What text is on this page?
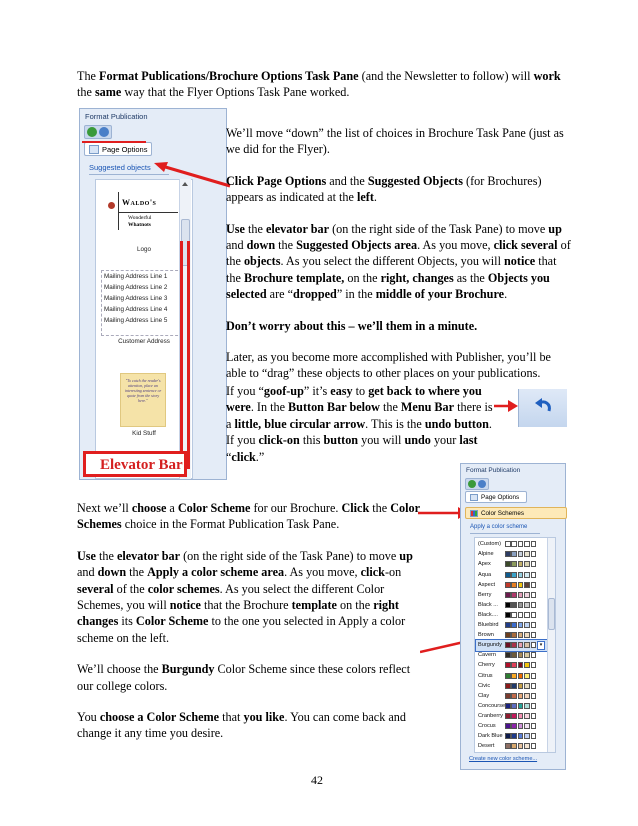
The Format Publications/Brochure Options Task Pane (and the Newsletter to follow) will work the same way that the Flyer Options Task Pane worked.
Format Publication
Page Options
Suggested objects
Waldo's
Wonderful
Whatnots
Logo
Mailing Address Line 1
Mailing Address Line 2
Mailing Address Line 3
Mailing Address Line 4
Mailing Address Line 5
Customer Address
"To catch the reader's attention, place an interesting sentence or quote from the story here."
Kid Stuff
Elevator Bar

We’ll move “down” the list of choices in Brochure Task Pane (just as we did for the Flyer).

Click Page Options and the Suggested Objects (for Brochures) appears as indicated at the left.

Use the elevator bar (on the right side of the Task Pane) to move up and down the Suggested Objects area. As you move, click several of the objects. As you select the different Objects, you will notice that the Brochure template, on the right, changes as the Objects you selected are “dropped” in the middle of your Brochure.

Don’t worry about this – we’ll them in a minute.

Later, as you become more accomplished with Publisher, you’ll be able to “drag” these objects to other places on your publications.

If you “goof-up” it’s easy to get back to where you were. In the Button Bar below the Menu Bar there is a little, blue circular arrow. This is the undo button. If you click-on this button you will undo your last “click.”

Next we’ll choose a Color Scheme for our Brochure. Click the Color Schemes choice in the Format Publication Task Pane.

Use the elevator bar (on the right side of the Task Pane) to move up and down the Apply a color scheme area. As you move, click-on several of the color schemes. As you select the different Color Schemes, you will notice that the Brochure template on the right changes its Color Scheme to the one you selected in Apply a color scheme on the left.

We’ll choose the Burgundy Color Scheme since these colors reflect our college colors.

You choose a Color Scheme that you like. You can come back and change it any time you desire.

Format Publication
Page Options
Color Schemes
Apply a color scheme
(Custom)
Alpine
Apex
Aqua
Aspect
Berry
Black ...
Black....
Bluebird
Brown
Burgundy	▾
Cavern
Cherry
Citrus
Civic
Clay
Concourse
Cranberry
Crocus
Dark Blue
Desert
Create new color scheme...
42
